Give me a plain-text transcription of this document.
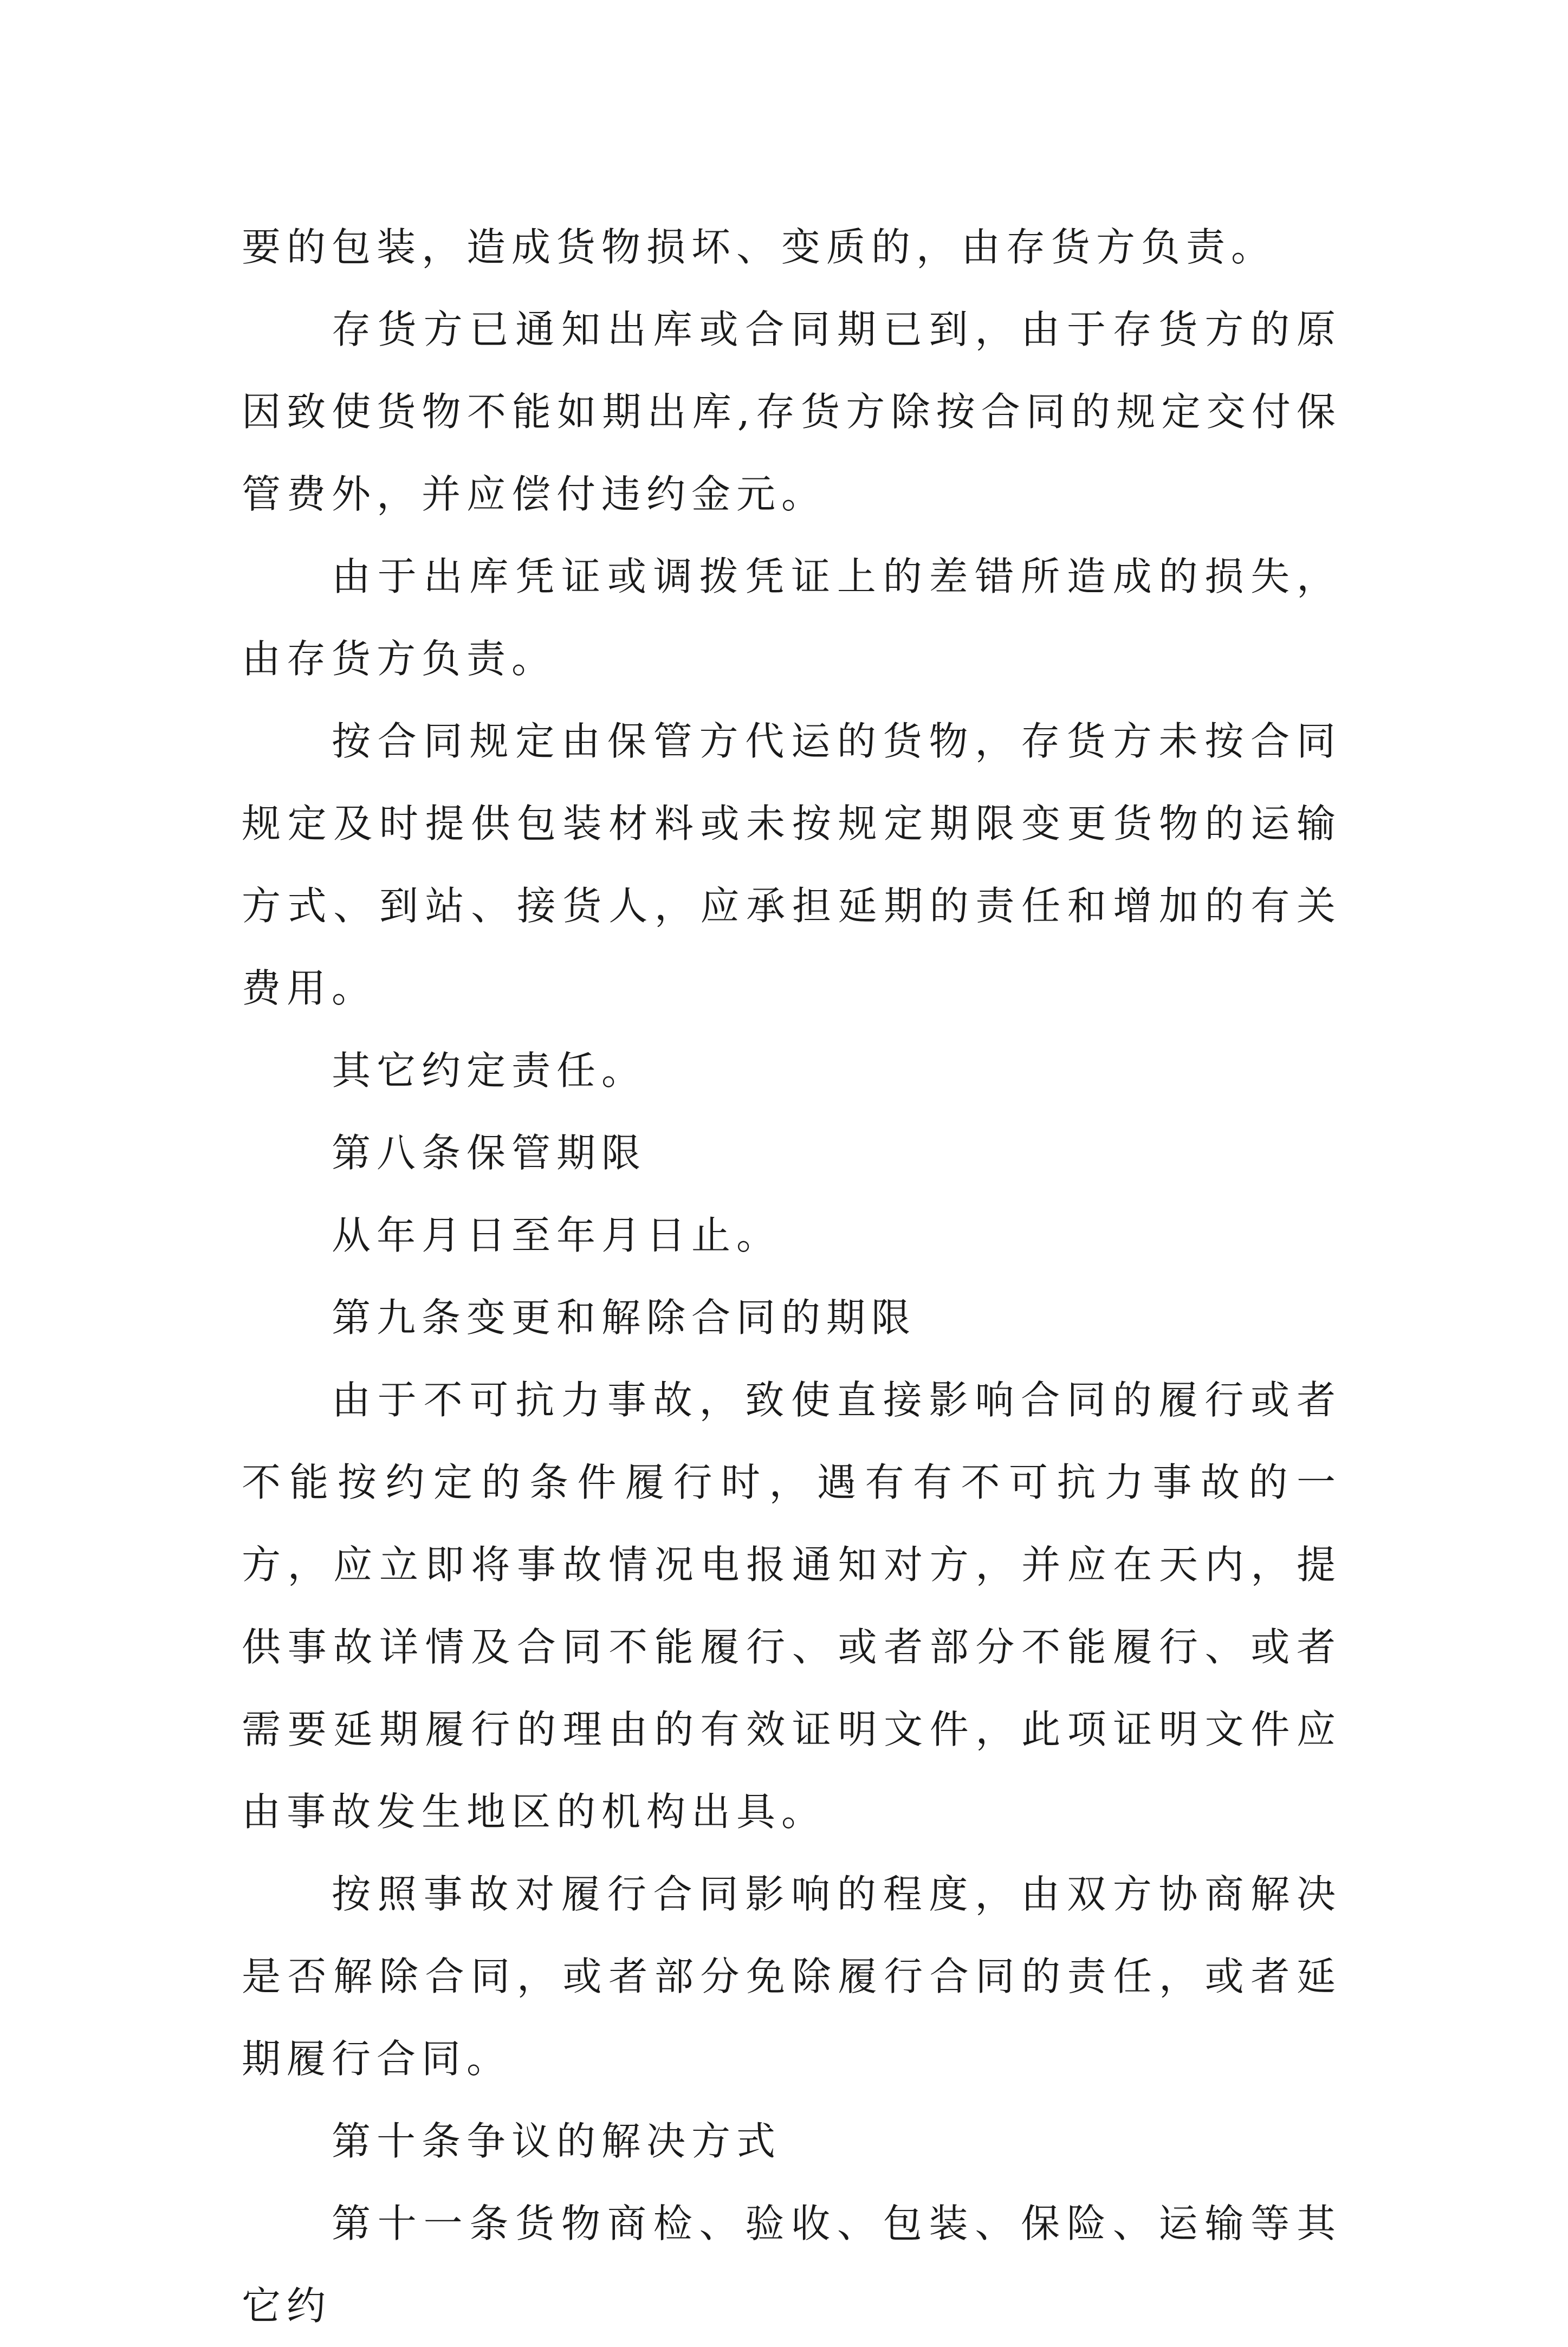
要的包装，造成货物损坏、变质的，由存货方负责。

存货方已通知出库或合同期已到，由于存货方的原因致使货物不能如期出库,存货方除按合同的规定交付保管费外，并应偿付违约金元。

由于出库凭证或调拨凭证上的差错所造成的损失，由存货方负责。

按合同规定由保管方代运的货物，存货方未按合同规定及时提供包装材料或未按规定期限变更货物的运输方式、到站、接货人，应承担延期的责任和增加的有关费用。

其它约定责任。

第八条保管期限

从年月日至年月日止。

第九条变更和解除合同的期限

由于不可抗力事故，致使直接影响合同的履行或者不能按约定的条件履行时，遇有有不可抗力事故的一方，应立即将事故情况电报通知对方，并应在天内，提供事故详情及合同不能履行、或者部分不能履行、或者需要延期履行的理由的有效证明文件，此项证明文件应由事故发生地区的机构出具。

按照事故对履行合同影响的程度，由双方协商解决是否解除合同，或者部分免除履行合同的责任，或者延期履行合同。

第十条争议的解决方式

第十一条货物商检、验收、包装、保险、运输等其它约
